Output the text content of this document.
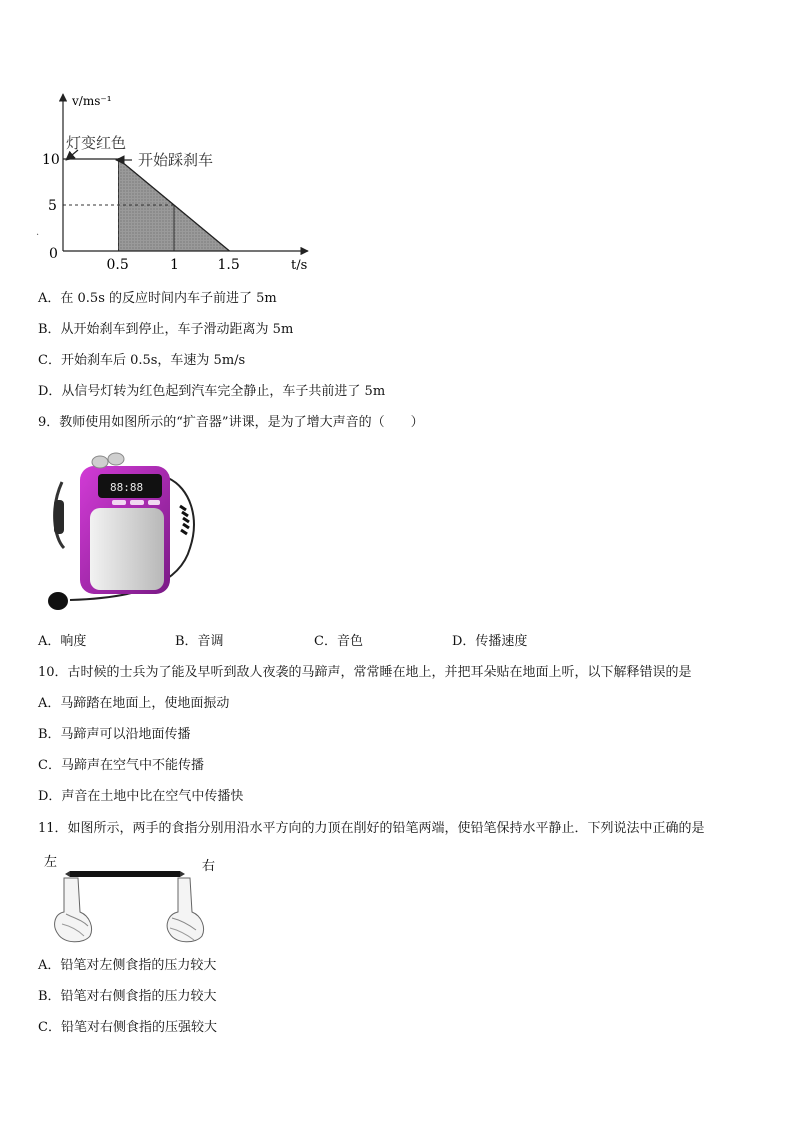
v/ms⁻¹
t/s
0
10
5
0.5	1	1.5
灯变红色
开始踩刹车
·
A．在 0.5s 的反应时间内车子前进了 5m
B．从开始刹车到停止，车子滑动距离为 5m
C．开始刹车后 0.5s，车速为 5m/s
D．从信号灯转为红色起到汽车完全静止，车子共前进了 5m
9．教师使用如图所示的“扩音器”讲课，是为了增大声音的（　　）
88:88
A．响度	B．音调	C．音色	D．传播速度
10．古时候的士兵为了能及早听到敌人夜袭的马蹄声，常常睡在地上，并把耳朵贴在地面上听，以下解释错误的是
A．马蹄踏在地面上，使地面振动
B．马蹄声可以沿地面传播
C．马蹄声在空气中不能传播
D．声音在土地中比在空气中传播快
11．如图所示，两手的食指分别用沿水平方向的力顶在削好的铅笔两端，使铅笔保持水平静止．下列说法中正确的是
左	右
A．铅笔对左侧食指的压力较大
B．铅笔对右侧食指的压力较大
C．铅笔对右侧食指的压强较大
